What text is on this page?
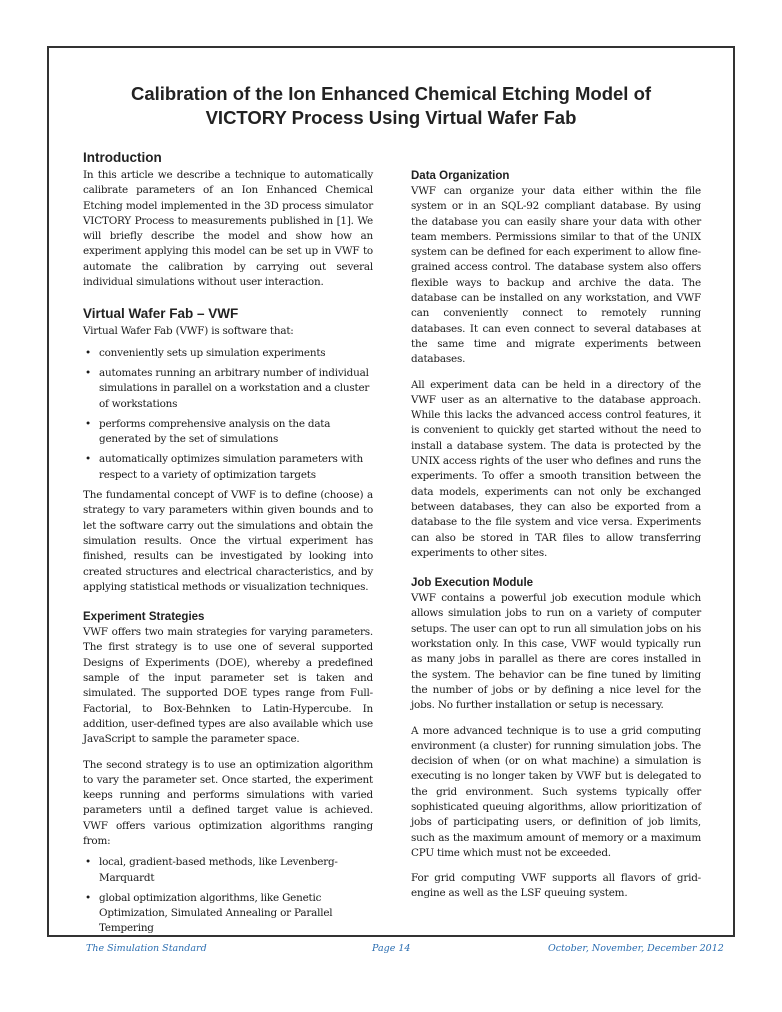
Calibration of the Ion Enhanced Chemical Etching Model of
VICTORY Process Using Virtual Wafer Fab
Introduction

In this article we describe a technique to automatically calibrate parameters of an Ion Enhanced Chemical Etching model implemented in the 3D process simulator VICTORY Process to measurements published in [1]. We will briefly describe the model and show how an experiment applying this model can be set up in VWF to automate the calibration by carrying out several individual simulations without user interaction.

Virtual Wafer Fab – VWF

Virtual Wafer Fab (VWF) is software that:

• conveniently sets up simulation experiments
• automates running an arbitrary number of individual simulations in parallel on a workstation and a cluster of workstations
• performs comprehensive analysis on the data generated by the set of simulations
• automatically optimizes simulation parameters with respect to a variety of optimization targets

The fundamental concept of VWF is to define (choose) a strategy to vary parameters within given bounds and to let the software carry out the simulations and obtain the simulation results. Once the virtual experiment has finished, results can be investigated by looking into created structures and electrical characteristics, and by applying statistical methods or visualization techniques.

Experiment Strategies

VWF offers two main strategies for varying parameters. The first strategy is to use one of several supported Designs of Experiments (DOE), whereby a predefined sample of the input parameter set is taken and simulated. The supported DOE types range from Full-Factorial, to Box-Behnken to Latin-Hypercube. In addition, user-defined types are also available which use JavaScript to sample the parameter space.

The second strategy is to use an optimization algorithm to vary the parameter set. Once started, the experiment keeps running and performs simulations with varied parameters until a defined target value is achieved. VWF offers various optimization algorithms ranging from:

• local, gradient-based methods, like Levenberg-Marquardt
• global optimization algorithms, like Genetic Optimization, Simulated Annealing or Parallel Tempering
Data Organization

VWF can organize your data either within the file system or in an SQL-92 compliant database. By using the database you can easily share your data with other team members. Permissions similar to that of the UNIX system can be defined for each experiment to allow fine-grained access control. The database system also offers flexible ways to backup and archive the data. The database can be installed on any workstation, and VWF can conveniently connect to remotely running databases. It can even connect to several databases at the same time and migrate experiments between databases.

All experiment data can be held in a directory of the VWF user as an alternative to the database approach. While this lacks the advanced access control features, it is convenient to quickly get started without the need to install a database system. The data is protected by the UNIX access rights of the user who defines and runs the experiments. To offer a smooth transition between the data models, experiments can not only be exchanged between databases, they can also be exported from a database to the file system and vice versa. Experiments can also be stored in TAR files to allow transferring experiments to other sites.

Job Execution Module

VWF contains a powerful job execution module which allows simulation jobs to run on a variety of computer setups. The user can opt to run all simulation jobs on his workstation only. In this case, VWF would typically run as many jobs in parallel as there are cores installed in the system. The behavior can be fine tuned by limiting the number of jobs or by defining a nice level for the jobs. No further installation or setup is necessary.

A more advanced technique is to use a grid computing environment (a cluster) for running simulation jobs. The decision of when (or on what machine) a simulation is executing is no longer taken by VWF but is delegated to the grid environment. Such systems typically offer sophisticated queuing algorithms, allow prioritization of jobs of participating users, or definition of job limits, such as the maximum amount of memory or a maximum CPU time which must not be exceeded.

For grid computing VWF supports all flavors of grid-engine as well as the LSF queuing system.

The Simulation Standard	Page 14	October, November, December 2012
